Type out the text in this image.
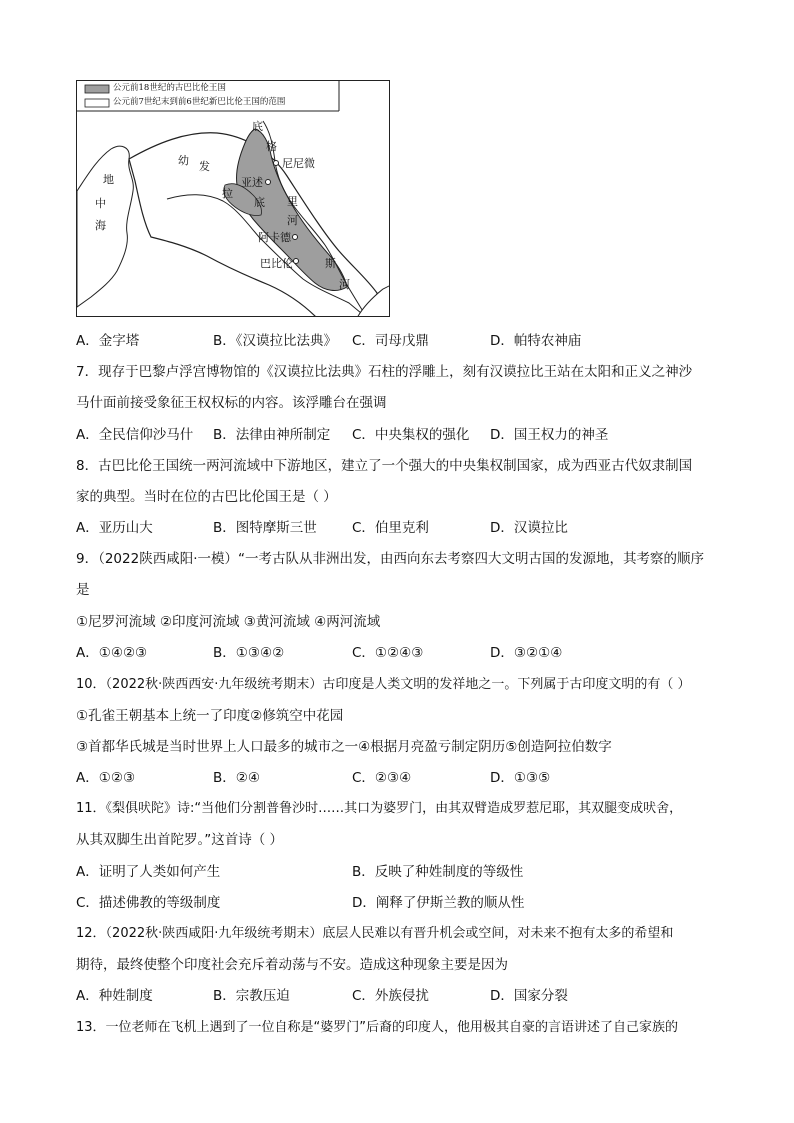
公元前18世纪的古巴比伦王国
公元前7世纪末到前6世纪新巴比伦王国的范围
地
中
海
幼 发
拉
底
底
格
里
河
斯
河
尼尼微
亚述
阿卡德
巴比伦
A．金字塔	B．《汉谟拉比法典》 C．司母戊鼎	D．帕特农神庙
7．现存于巴黎卢浮宫博物馆的《汉谟拉比法典》石柱的浮雕上，刻有汉谟拉比王站在太阳和正义之神沙
马什面前接受象征王权权标的内容。该浮雕台在强调
A．全民信仰沙马什 B．法律由神所制定 C．中央集权的强化 D．国王权力的神圣
8．古巴比伦王国统一两河流域中下游地区，建立了一个强大的中央集权制国家，成为西亚古代奴隶制国
家的典型。当时在位的古巴比伦国王是（ ）
A．亚历山大	B．图特摩斯三世	C．伯里克利	D．汉谟拉比
9．（2022陕西咸阳·一模）“一考古队从非洲出发，由西向东去考察四大文明古国的发源地，其考察的顺序
是
①尼罗河流域 ②印度河流域 ③黄河流域 ④两河流域
A．①④②③	B．①③④②	C．①②④③	D．③②①④
10．（2022秋·陕西西安·九年级统考期末）古印度是人类文明的发祥地之一。下列属于古印度文明的有（ ）
①孔雀王朝基本上统一了印度②修筑空中花园
③首都华氏城是当时世界上人口最多的城市之一④根据月亮盈亏制定阴历⑤创造阿拉伯数字
A．①②③	B．②④	C．②③④	D．①③⑤
11．《梨俱吠陀》诗:“当他们分割普鲁沙时……其口为婆罗门，由其双臂造成罗惹尼耶，其双腿变成吠舍，
从其双脚生出首陀罗。”这首诗（ ）
A．证明了人类如何产生	B．反映了种姓制度的等级性
C．描述佛教的等级制度	D．阐释了伊斯兰教的顺从性
12．（2022秋·陕西咸阳·九年级统考期末）底层人民难以有晋升机会或空间，对未来不抱有太多的希望和
期待，最终使整个印度社会充斥着动荡与不安。造成这种现象主要是因为
A．种姓制度	B．宗教压迫	C．外族侵扰	D．国家分裂
13．一位老师在飞机上遇到了一位自称是“婆罗门”后裔的印度人，他用极其自豪的言语讲述了自己家族的
